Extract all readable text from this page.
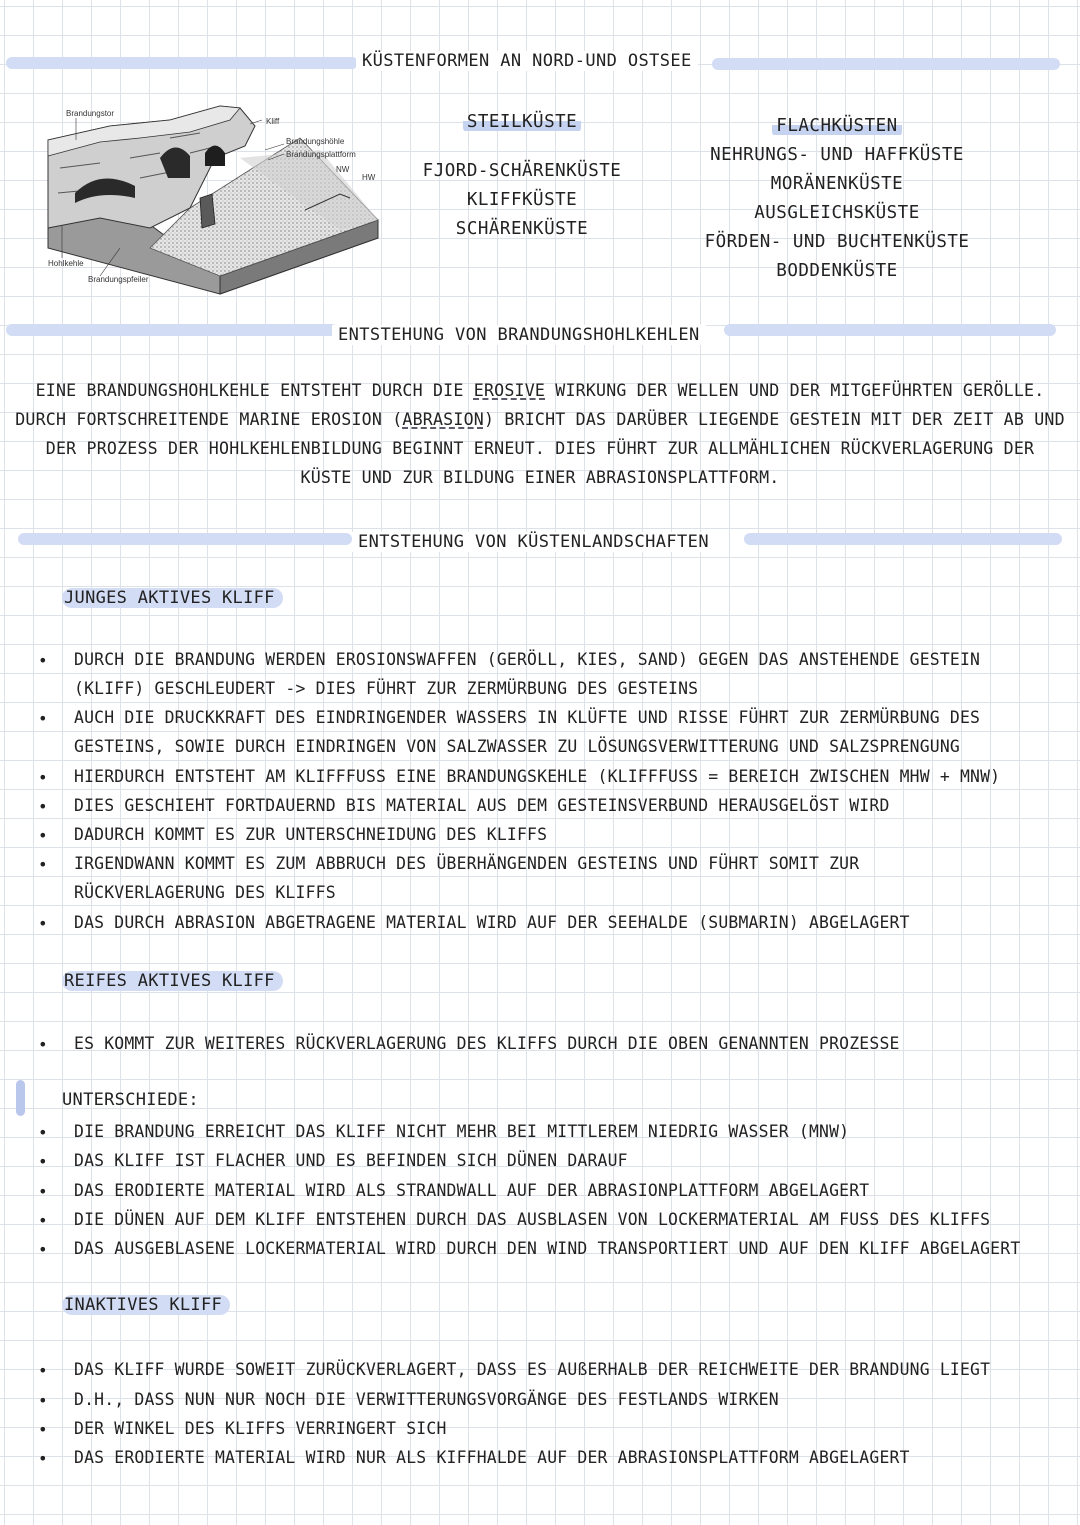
KÜSTENFORMEN AN NORD-UND OSTSEE
Brandungstor
Kliff
Brandungshöhle
Brandungsplattform
NW
HW
Hohlkehle
Brandungspfeiler
STEILKÜSTE
FJORD-SCHÄRENKÜSTE
KLIFFKÜSTE
SCHÄRENKÜSTE
FLACHKÜSTEN
NEHRUNGS- UND HAFFKÜSTE
MORÄNENKÜSTE
AUSGLEICHSKÜSTE
FÖRDEN- UND BUCHTENKÜSTE
BODDENKÜSTE
ENTSTEHUNG VON BRANDUNGSHOHLKEHLEN
EINE BRANDUNGSHOHLKEHLE ENTSTEHT DURCH DIE EROSIVE WIRKUNG DER WELLEN UND DER MITGEFÜHRTEN GERÖLLE.
DURCH FORTSCHREITENDE MARINE EROSION (ABRASION) BRICHT DAS DARÜBER LIEGENDE GESTEIN MIT DER ZEIT AB UND
DER PROZESS DER HOHLKEHLENBILDUNG BEGINNT ERNEUT. DIES FÜHRT ZUR ALLMÄHLICHEN RÜCKVERLAGERUNG DER
KÜSTE UND ZUR BILDUNG EINER ABRASIONSPLATTFORM.
ENTSTEHUNG VON KÜSTENLANDSCHAFTEN
JUNGES AKTIVES KLIFF
• DURCH DIE BRANDUNG WERDEN EROSIONSWAFFEN (GERÖLL, KIES, SAND) GEGEN DAS ANSTEHENDE GESTEIN
(KLIFF) GESCHLEUDERT -> DIES FÜHRT ZUR ZERMÜRBUNG DES GESTEINS
• AUCH DIE DRUCKKRAFT DES EINDRINGENDER WASSERS IN KLÜFTE UND RISSE FÜHRT ZUR ZERMÜRBUNG DES
GESTEINS, SOWIE DURCH EINDRINGEN VON SALZWASSER ZU LÖSUNGSVERWITTERUNG UND SALZSPRENGUNG
• HIERDURCH ENTSTEHT AM KLIFFFUSS EINE BRANDUNGSKEHLE (KLIFFFUSS = BEREICH ZWISCHEN MHW + MNW)
• DIES GESCHIEHT FORTDAUERND BIS MATERIAL AUS DEM GESTEINSVERBUND HERAUSGELÖST WIRD
• DADURCH KOMMT ES ZUR UNTERSCHNEIDUNG DES KLIFFS
• IRGENDWANN KOMMT ES ZUM ABBRUCH DES ÜBERHÄNGENDEN GESTEINS UND FÜHRT SOMIT ZUR
RÜCKVERLAGERUNG DES KLIFFS
• DAS DURCH ABRASION ABGETRAGENE MATERIAL WIRD AUF DER SEEHALDE (SUBMARIN) ABGELAGERT
REIFES AKTIVES KLIFF
• ES KOMMT ZUR WEITERES RÜCKVERLAGERUNG DES KLIFFS DURCH DIE OBEN GENANNTEN PROZESSE
UNTERSCHIEDE:
• DIE BRANDUNG ERREICHT DAS KLIFF NICHT MEHR BEI MITTLEREM NIEDRIG WASSER (MNW)
• DAS KLIFF IST FLACHER UND ES BEFINDEN SICH DÜNEN DARAUF
• DAS ERODIERTE MATERIAL WIRD ALS STRANDWALL AUF DER ABRASIONPLATTFORM ABGELAGERT
• DIE DÜNEN AUF DEM KLIFF ENTSTEHEN DURCH DAS AUSBLASEN VON LOCKERMATERIAL AM FUSS DES KLIFFS
• DAS AUSGEBLASENE LOCKERMATERIAL WIRD DURCH DEN WIND TRANSPORTIERT UND AUF DEN KLIFF ABGELAGERT
INAKTIVES KLIFF
• DAS KLIFF WURDE SOWEIT ZURÜCKVERLAGERT, DASS ES AUßERHALB DER REICHWEITE DER BRANDUNG LIEGT
• D.H., DASS NUN NUR NOCH DIE VERWITTERUNGSVORGÄNGE DES FESTLANDS WIRKEN
• DER WINKEL DES KLIFFS VERRINGERT SICH
• DAS ERODIERTE MATERIAL WIRD NUR ALS KIFFHALDE AUF DER ABRASIONSPLATTFORM ABGELAGERT
